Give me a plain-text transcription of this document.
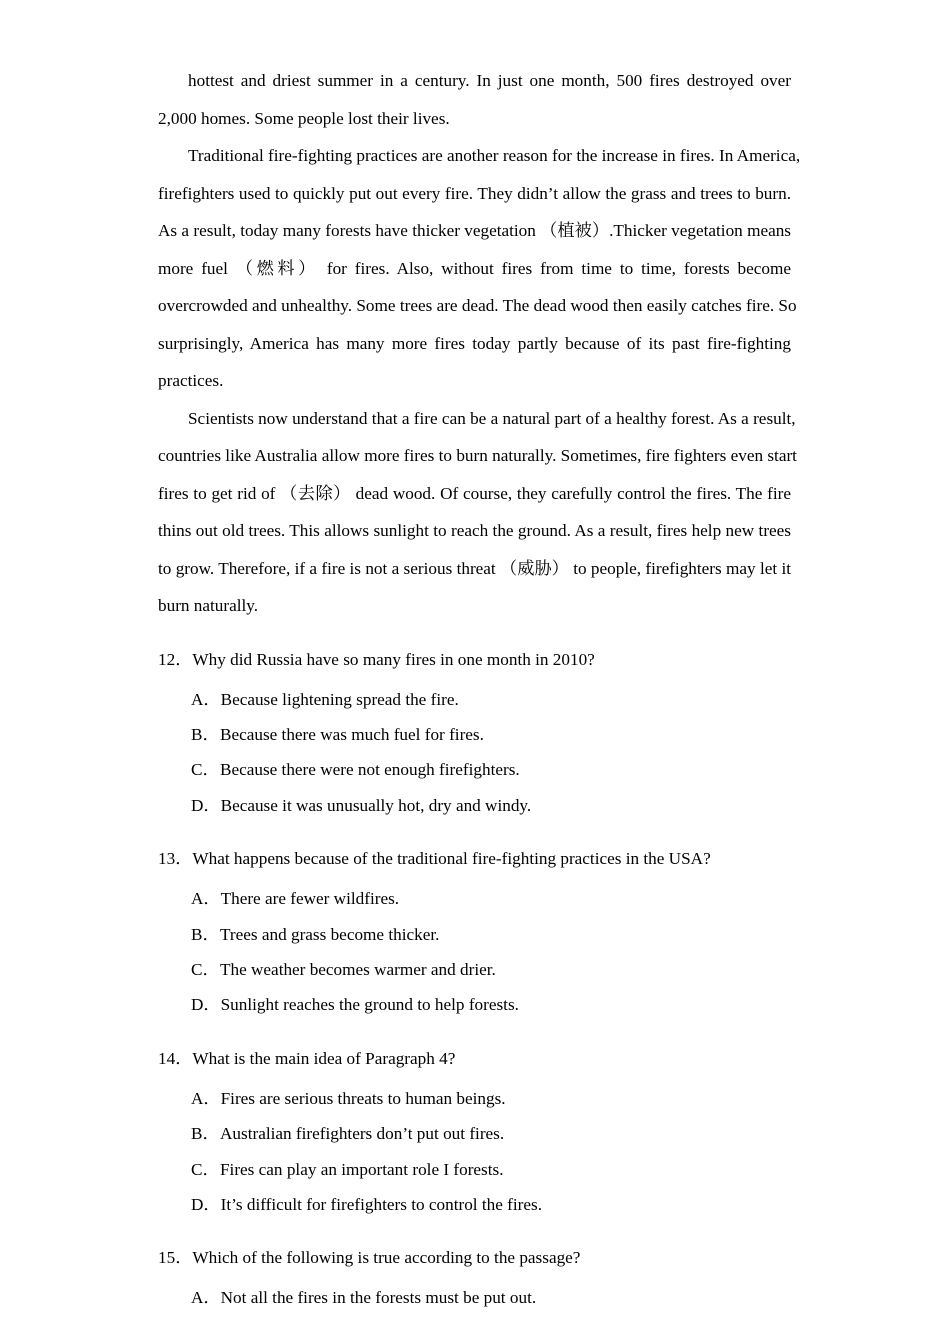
hottest and driest summer in a century. In just one month, 500 fires destroyed over
2,000 homes. Some people lost their lives.
Traditional fire-fighting practices are another reason for the increase in fires. In America,
firefighters used to quickly put out every fire. They didn’t allow the grass and trees to burn.
As a result, today many forests have thicker vegetation （植被）.Thicker vegetation means
more fuel （燃料） for fires. Also, without fires from time to time, forests become
overcrowded and unhealthy. Some trees are dead. The dead wood then easily catches fire. So
surprisingly, America has many more fires today partly because of its past fire-fighting
practices.
Scientists now understand that a fire can be a natural part of a healthy forest. As a result,
countries like Australia allow more fires to burn naturally. Sometimes, fire fighters even start
fires to get rid of （去除） dead wood. Of course, they carefully control the fires. The fire
thins out old trees. This allows sunlight to reach the ground. As a result, fires help new trees
to grow. Therefore, if a fire is not a serious threat （威胁） to people, firefighters may let it
burn naturally.
12．Why did Russia have so many fires in one month in 2010?
A．Because lightening spread the fire.
B．Because there was much fuel for fires.
C．Because there were not enough firefighters.
D．Because it was unusually hot, dry and windy.
13．What happens because of the traditional fire-fighting practices in the USA?
A．There are fewer wildfires.
B．Trees and grass become thicker.
C．The weather becomes warmer and drier.
D．Sunlight reaches the ground to help forests.
14．What is the main idea of Paragraph 4?
A．Fires are serious threats to human beings.
B．Australian firefighters don’t put out fires.
C．Fires can play an important role I forests.
D．It’s difficult for firefighters to control the fires.
15．Which of the following is true according to the passage?
A．Not all the fires in the forests must be put out.
